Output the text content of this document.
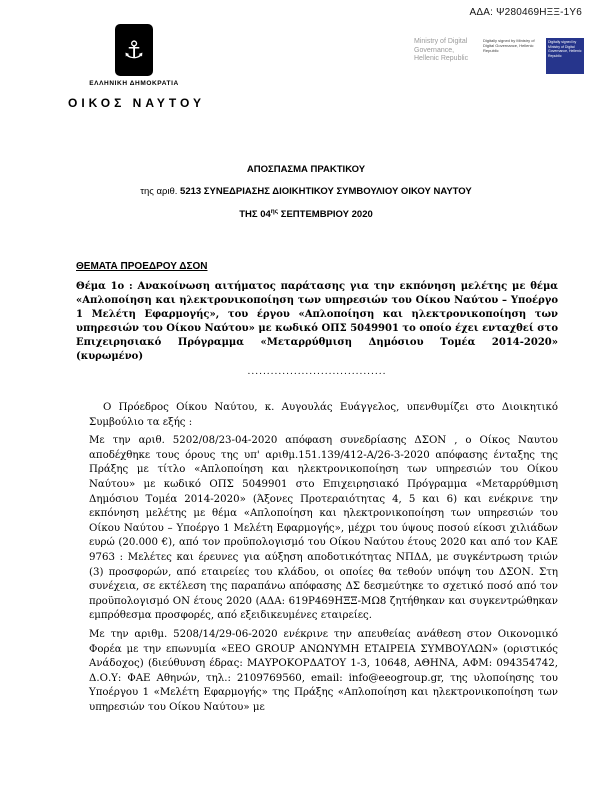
ΑΔΑ: Ψ280469ΗΞΞ-1Υ6
⚓
ΕΛΛΗΝΙΚΗ ΔΗΜΟΚΡΑΤΙΑ
ΟΙΚΟΣ ΝΑΥΤΟΥ
Ministry of Digital Governance, Hellenic Republic
Digitally signed by Ministry of Digital Governance, Hellenic Republic
Digitally signed by Ministry of Digital Governance, Hellenic Republic
ΑΠΟΣΠΑΣΜΑ ΠΡΑΚΤΙΚΟΥ
της αριθ. 5213 ΣΥΝΕΔΡΙΑΣΗΣ ΔΙΟΙΚΗΤΙΚΟΥ ΣΥΜΒΟΥΛΙΟΥ ΟΙΚΟΥ ΝΑΥΤΟΥ
ΤΗΣ $04^{\eta\varsigma}$ ΣΕΠΤΕΜΒΡΙΟΥ 2020
ΘΕΜΑΤΑ ΠΡΟΕΔΡΟΥ ΔΣΟΝ
Θέμα 1ο : Ανακοίνωση αιτήματος παράτασης για την εκπόνηση μελέτης με θέμα «Απλοποίηση και ηλεκτρονικοποίηση των υπηρεσιών του Οίκου Ναύτου – Υποέργο 1 Μελέτη Εφαρμογής», του έργου «Απλοποίηση και ηλεκτρονικοποίηση των υπηρεσιών του Οίκου Ναύτου» με κωδικό ΟΠΣ 5049901 το οποίο έχει ενταχθεί στο Επιχειρησιακό Πρόγραμμα «Μεταρρύθμιση Δημόσιου Τομέα 2014-2020» (κυρωμένο)
....................................

Ο Πρόεδρος Οίκου Ναύτου, κ. Αυγουλάς Ευάγγελος, υπενθυμίζει στο Διοικητικό Συμβούλιο τα εξής :

Με την αριθ. 5202/08/23-04-2020 απόφαση συνεδρίασης ΔΣΟΝ , ο Οίκος Ναυτου αποδέχθηκε τους όρους της υπ' αριθμ.151.139/412-Α/26-3-2020 απόφασης ένταξης της Πράξης με τίτλο «Απλοποίηση και ηλεκτρονικοποίηση των υπηρεσιών του Οίκου Ναύτου» με κωδικό ΟΠΣ 5049901 στο Επιχειρησιακό Πρόγραμμα «Μεταρρύθμιση Δημόσιου Τομέα 2014-2020» (Άξονες Προτεραιότητας 4, 5 και 6) και ενέκρινε την εκπόνηση μελέτης με θέμα «Απλοποίηση και ηλεκτρονικοποίηση των υπηρεσιών του Οίκου Ναύτου – Υποέργο 1 Μελέτη Εφαρμογής», μέχρι του ύψους ποσού είκοσι χιλιάδων ευρώ (20.000 €), από τον προϋπολογισμό του Οίκου Ναύτου έτους 2020 και από τον ΚΑΕ 9763 : Μελέτες και έρευνες για αύξηση αποδοτικότητας ΝΠΔΔ, με συγκέντρωση τριών (3) προσφορών, από εταιρείες του κλάδου, οι οποίες θα τεθούν υπόψη του ΔΣΟΝ. Στη συνέχεια, σε εκτέλεση της παραπάνω απόφασης ΔΣ δεσμεύτηκε το σχετικό ποσό από τον προϋπολογισμό ΟΝ έτους 2020 (ΑΔΑ: 619Ρ469ΗΞΞ-ΜΩ8 ζητήθηκαν και συγκεντρώθηκαν εμπρόθεσμα προσφορές, από εξειδικευμένες εταιρείες.

Με την αριθμ. 5208/14/29-06-2020 ενέκρινε την απευθείας ανάθεση στον Οικονομικό Φορέα με την επωνυμία «ΕΕΟ GROUP ΑΝΩΝΥΜΗ ΕΤΑΙΡΕΙΑ ΣΥΜΒΟΥΛΩΝ» (οριστικός Ανάδοχος) (διεύθυνση έδρας: ΜΑΥΡΟΚΟΡΔΑΤΟΥ 1-3, 10648, ΑΘΗΝΑ, ΑΦΜ: 094354742, Δ.Ο.Υ: ΦΑΕ Αθηνών, τηλ.: 2109769560, email: info@eeogroup.gr, της υλοποίησης του Υποέργου 1 «Μελέτη Εφαρμογής» της Πράξης «Απλοποίηση και ηλεκτρονικοποίηση των υπηρεσιών του Οίκου Ναύτου» με
